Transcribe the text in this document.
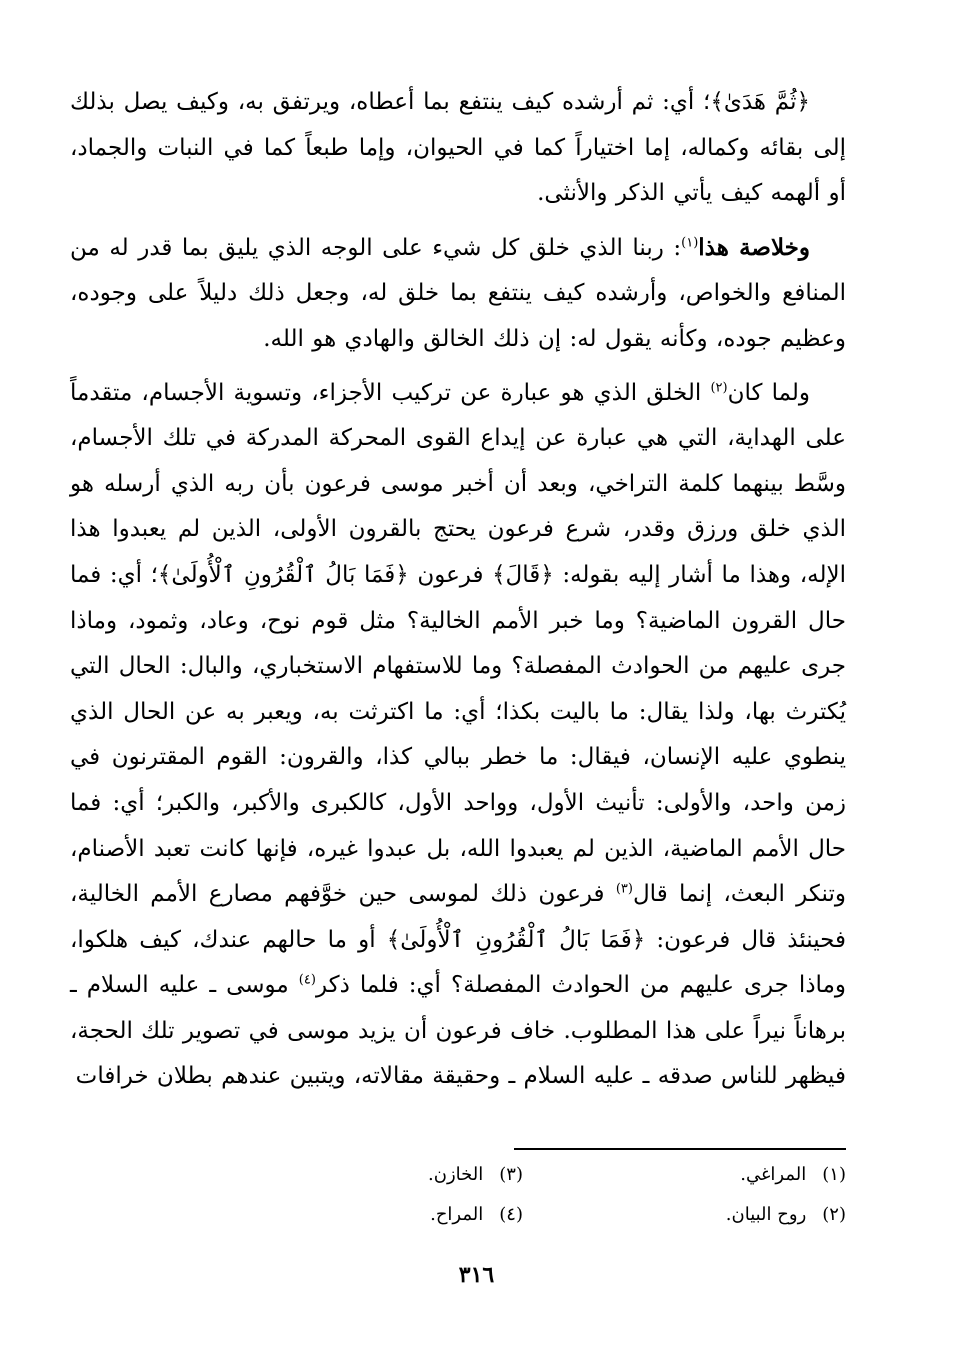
﴿ثُمَّ هَدَىٰ﴾؛ أي: ثم أرشده كيف ينتفع بما أعطاه، ويرتفق به، وكيف يصل بذلك إلى بقائه وكماله، إما اختياراً كما في الحيوان، وإما طبعاً كما في النبات والجماد، أو ألهمه كيف يأتي الذكر والأنثى.

وخلاصة هذا$^{(١)}$: ربنا الذي خلق كل شيء على الوجه الذي يليق بما قدر له من المنافع والخواص، وأرشده كيف ينتفع بما خلق له، وجعل ذلك دليلاً على وجوده، وعظيم جوده، وكأنه يقول له: إن ذلك الخالق والهادي هو الله.

ولما كان$^{(٢)}$ الخلق الذي هو عبارة عن تركيب الأجزاء، وتسوية الأجسام، متقدماً على الهداية، التي هي عبارة عن إيداع القوى المحركة المدركة في تلك الأجسام، وسَّط بينهما كلمة التراخي، وبعد أن أخبر موسى فرعون بأن ربه الذي أرسله هو الذي خلق ورزق وقدر، شرع فرعون يحتج بالقرون الأولى، الذين لم يعبدوا هذا الإله، وهذا ما أشار إليه بقوله: ﴿قَالَ﴾ فرعون ﴿فَمَا بَالُ ٱلْقُرُونِ ٱلْأُولَىٰ﴾؛ أي: فما حال القرون الماضية؟ وما خبر الأمم الخالية؟ مثل قوم نوح، وعاد، وثمود، وماذا جرى عليهم من الحوادث المفصلة؟ وما للاستفهام الاستخباري، والبال: الحال التي يُكترث بها، ولذا يقال: ما باليت بكذا؛ أي: ما اكترثت به، ويعبر به عن الحال الذي ينطوي عليه الإنسان، فيقال: ما خطر ببالي كذا، والقرون: القوم المقترنون في زمن واحد، والأولى: تأنيث الأول، وواحد الأول، كالكبرى والأكبر، والكبر؛ أي: فما حال الأمم الماضية، الذين لم يعبدوا الله، بل عبدوا غيره، فإنها كانت تعبد الأصنام، وتنكر البعث، إنما قال$^{(٣)}$ فرعون ذلك لموسى حين خوَّفهم مصارع الأمم الخالية، فحينئذ قال فرعون: ﴿فَمَا بَالُ ٱلْقُرُونِ ٱلْأُولَىٰ﴾ أو ما حالهم عندك، كيف هلكوا، وماذا جرى عليهم من الحوادث المفصلة؟ أي: فلما ذكر$^{(٤)}$ موسى ـ عليه السلام ـ برهاناً نيراً على هذا المطلوب. خاف فرعون أن يزيد موسى في تصوير تلك الحجة، فيظهر للناس صدقه ـ عليه السلام ـ وحقيقة مقالاته، ويتبين عندهم بطلان خرافات

(١) المراغي.
(٣) الخازن.
(٢) روح البيان.
(٤) المراح.
٣١٦
